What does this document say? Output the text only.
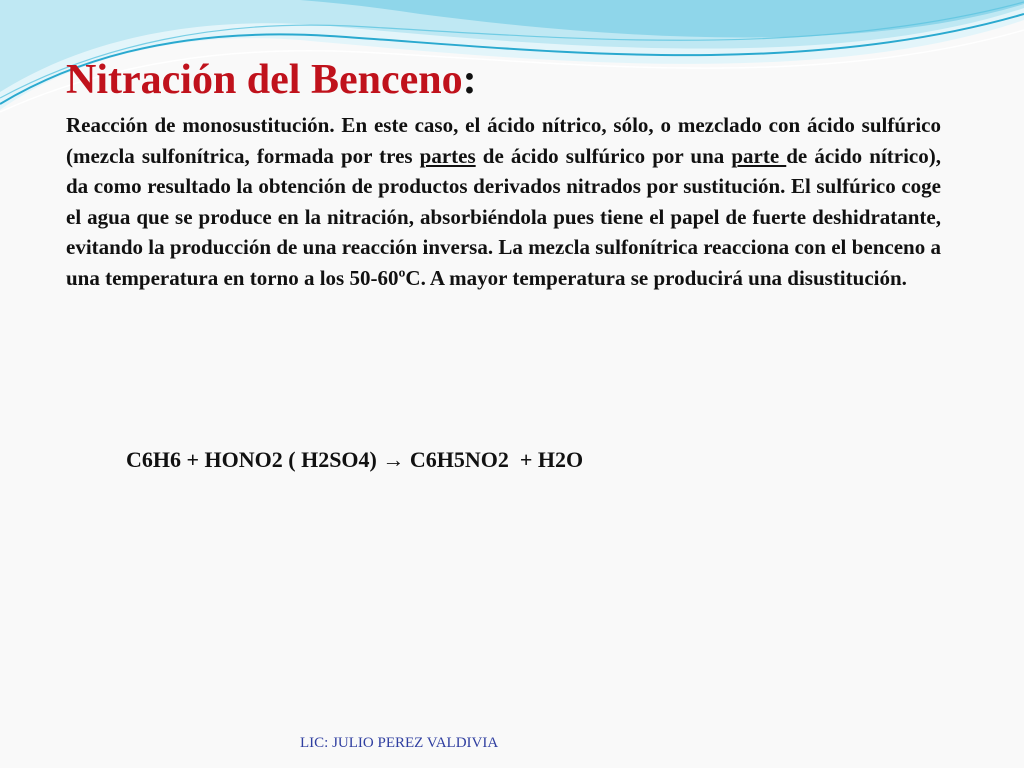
Nitración del Benceno:

Reacción de monosustitución. En este caso, el ácido nítrico, sólo, o mezclado con ácido sulfúrico (mezcla sulfonítrica, formada por tres partes de ácido sulfúrico por una parte de ácido nítrico), da como resultado la obtención de productos derivados nitrados por sustitución. El sulfúrico coge el agua que se produce en la nitración, absorbiéndola pues tiene el papel de fuerte deshidratante, evitando la producción de una reacción inversa. La mezcla sulfonítrica reacciona con el benceno a una temperatura en torno a los 50-60ºC. A mayor temperatura se producirá una disustitución.

C6H6 + HONO2 ( H2SO4) → C6H5NO2  + H2O

LIC: JULIO PEREZ VALDIVIA
